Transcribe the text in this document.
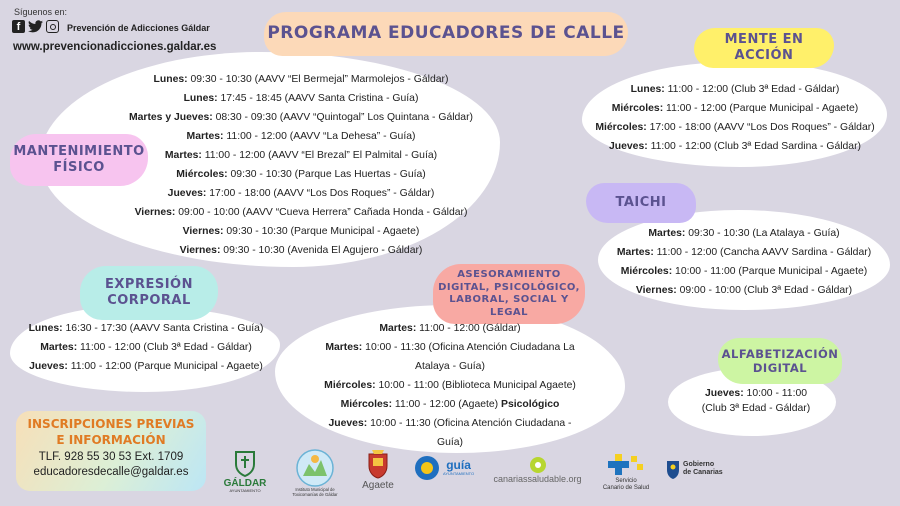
Síguenos en:
f	Prevención de Adicciones Gáldar
www.prevencionadicciones.galdar.es
PROGRAMA EDUCADORES DE CALLE
MANTENIMIENTO
FÍSICO
Lunes: 09:30 - 10:30 (AAVV “El Bermejal” Marmolejos - Gáldar)
Lunes: 17:45 - 18:45 (AAVV Santa Cristina - Guía)
Martes y Jueves: 08:30 - 09:30 (AAVV “Quintogal” Los Quintana - Gáldar)
Martes: 11:00 - 12:00 (AAVV “La Dehesa” - Guía)
Martes: 11:00 - 12:00 (AAVV “El Brezal” El Palmital - Guía)
Miércoles: 09:30 - 10:30 (Parque Las Huertas - Guía)
Jueves: 17:00 - 18:00 (AAVV “Los Dos Roques” - Gáldar)
Viernes: 09:00 - 10:00 (AAVV “Cueva Herrera” Cañada Honda - Gáldar)
Viernes: 09:30 - 10:30 (Parque Municipal - Agaete)
Viernes: 09:30 - 10:30 (Avenida El Agujero - Gáldar)
MENTE EN ACCIÓN
Lunes: 11:00 - 12:00 (Club 3ª Edad - Gáldar)
Miércoles: 11:00 - 12:00 (Parque Municipal - Agaete)
Miércoles: 17:00 - 18:00 (AAVV “Los Dos Roques” - Gáldar)
Jueves: 11:00 - 12:00 (Club 3ª Edad Sardina - Gáldar)
TAICHI
Martes: 09:30 - 10:30 (La Atalaya - Guía)
Martes: 11:00 - 12:00 (Cancha AAVV Sardina - Gáldar)
Miércoles: 10:00 - 11:00 (Parque Municipal - Agaete)
Viernes: 09:00 - 10:00 (Club 3ª Edad - Gáldar)
EXPRESIÓN
CORPORAL
Lunes: 16:30 - 17:30 (AAVV Santa Cristina - Guía)
Martes: 11:00 - 12:00 (Club 3ª Edad - Gáldar)
Jueves: 11:00 - 12:00 (Parque Municipal - Agaete)
ASESORAMIENTO
DIGITAL, PSICOLÓGICO,
LABORAL, SOCIAL Y LEGAL
Martes: 11:00 - 12:00 (Gáldar)
Martes: 10:00 - 11:30 (Oficina Atención Ciudadana La
Atalaya - Guía)
Miércoles: 10:00 - 11:00 (Biblioteca Municipal Agaete)
Miércoles: 11:00 - 12:00 (Agaete) Psicológico
Jueves: 10:00 - 11:30 (Oficina Atención Ciudadana -
Guía)
ALFABETIZACIÓN
DIGITAL
Jueves: 10:00 - 11:00
(Club 3ª Edad - Gáldar)
INSCRIPCIONES PREVIAS
E INFORMACIÓN
TLF. 928 55 30 53 Ext. 1709
educadoresdecalle@galdar.es
GÁLDAR
AYUNTAMIENTO	Instituto Municipal de Toxicomanías de Gáldar
Agaete
guía
AYUNTAMIENTO
canariassaludable.org	Servicio
Canario de Salud
Gobierno
de Canarias
